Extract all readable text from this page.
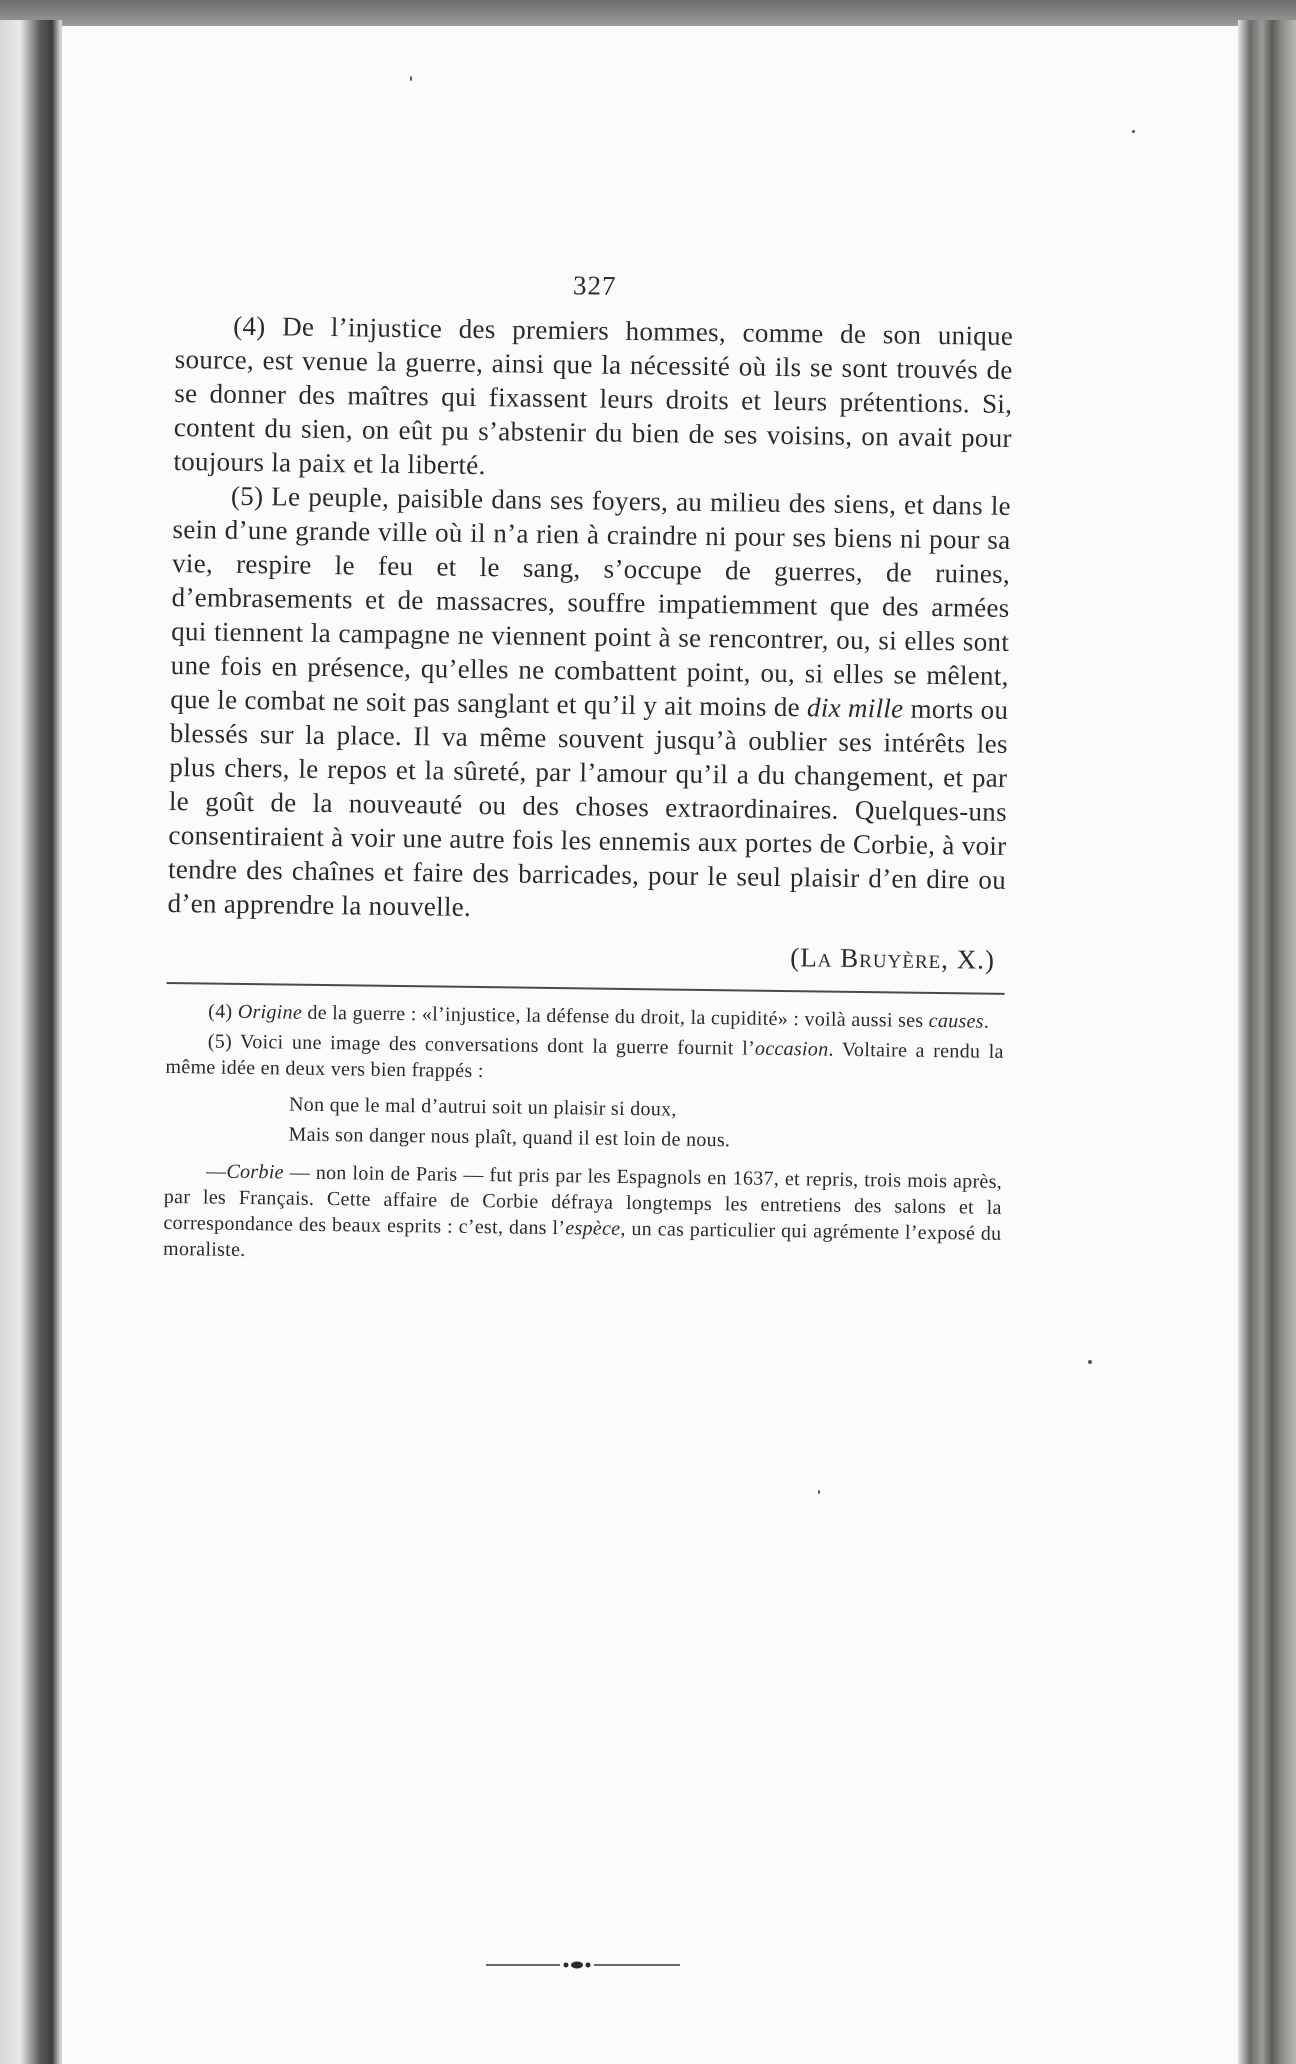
327

(4) De l’injustice des premiers hommes, comme de son unique source, est venue la guerre, ainsi que la nécessité où ils se sont trouvés de se donner des maîtres qui fixassent leurs droits et leurs prétentions. Si, content du sien, on eût pu s’abstenir du bien de ses voisins, on avait pour toujours la paix et la liberté.

(5) Le peuple, paisible dans ses foyers, au milieu des siens, et dans le sein d’une grande ville où il n’a rien à craindre ni pour ses biens ni pour sa vie, respire le feu et le sang, s’occupe de guerres, de ruines, d’embrasements et de massacres, souffre impatiemment que des armées qui tiennent la campagne ne viennent point à se rencontrer, ou, si elles sont une fois en présence, qu’elles ne combattent point, ou, si elles se mêlent, que le combat ne soit pas sanglant et qu’il y ait moins de dix mille morts ou blessés sur la place. Il va même souvent jusqu’à oublier ses intérêts les plus chers, le repos et la sûreté, par l’amour qu’il a du changement, et par le goût de la nouveauté ou des choses extraordinaires. Quelques-uns consentiraient à voir une autre fois les ennemis aux portes de Corbie, à voir tendre des chaînes et faire des barricades, pour le seul plaisir d’en dire ou d’en apprendre la nouvelle.

(La Bruyère, X.)

(4) Origine de la guerre : «l’injustice, la défense du droit, la cupidité» : voilà aussi ses causes.

(5) Voici une image des conversations dont la guerre fournit l’occasion. Voltaire a rendu la même idée en deux vers bien frappés :

Non que le mal d’autrui soit un plaisir si doux,
Mais son danger nous plaît, quand il est loin de nous.

—Corbie — non loin de Paris — fut pris par les Espagnols en 1637, et repris, trois mois après, par les Français. Cette affaire de Corbie défraya longtemps les entretiens des salons et la correspondance des beaux esprits : c’est, dans l’espèce, un cas particulier qui agrémente l’exposé du moraliste.
